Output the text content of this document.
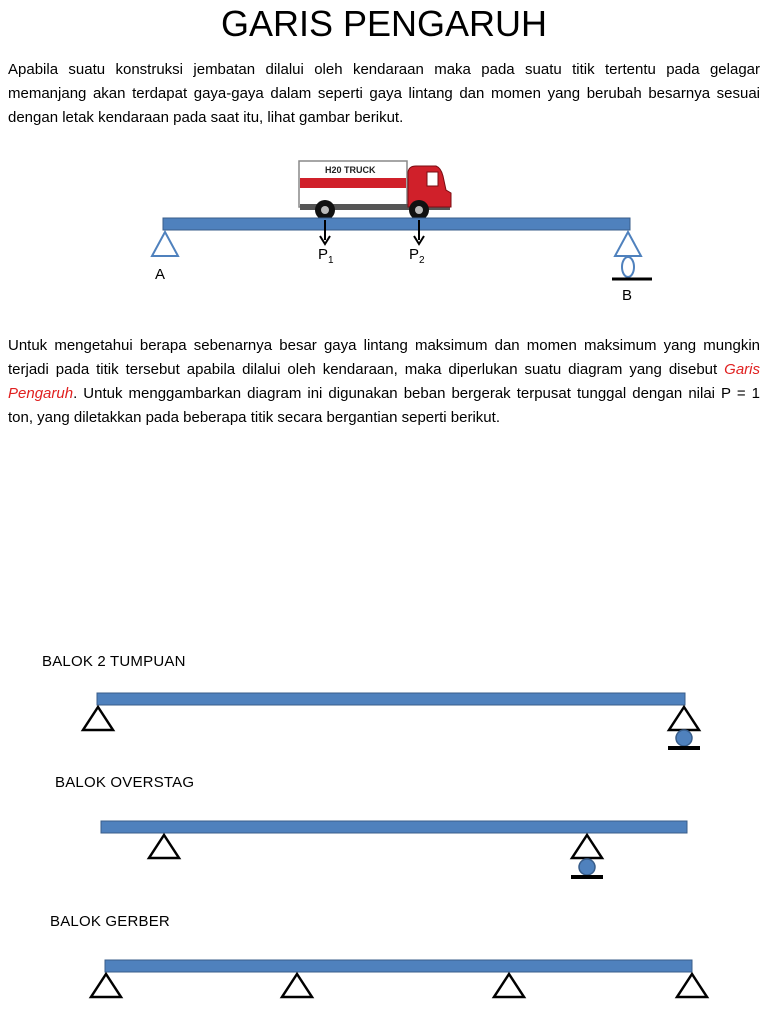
GARIS PENGARUH
Apabila suatu konstruksi jembatan dilalui oleh kendaraan maka pada suatu titik tertentu pada gelagar memanjang akan terdapat gaya-gaya dalam seperti gaya lintang dan momen yang berubah besarnya sesuai dengan letak kendaraan pada saat itu, lihat gambar berikut.
H20 TRUCK
$P_1$	$P_2$
A
B
Untuk mengetahui berapa sebenarnya besar gaya lintang maksimum dan momen maksimum yang mungkin terjadi pada titik tersebut apabila dilalui oleh kendaraan, maka diperlukan suatu diagram yang disebut Garis Pengaruh. Untuk menggambarkan diagram ini digunakan beban bergerak terpusat tunggal dengan nilai P = 1 ton, yang diletakkan pada beberapa titik secara bergantian seperti berikut.
BALOK 2 TUMPUAN
BALOK OVERSTAG
BALOK GERBER
